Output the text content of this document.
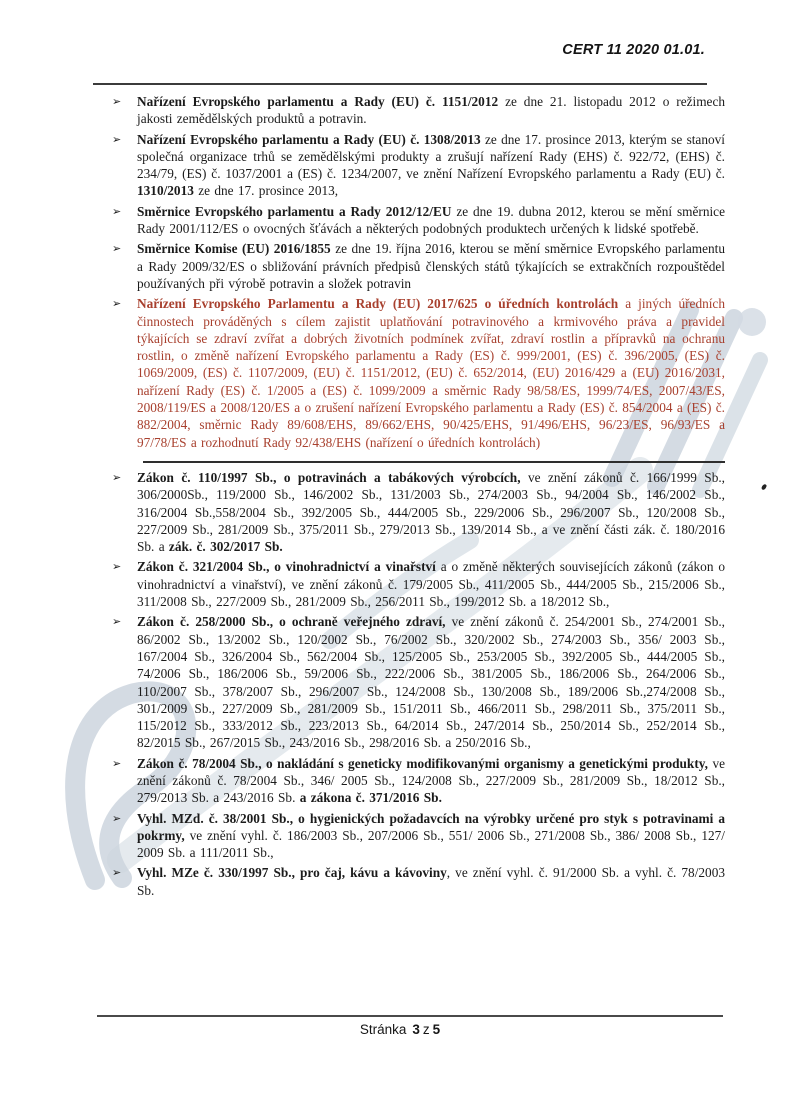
CERT 11 2020 01.01.
➢ Nařízení Evropského parlamentu a Rady (EU) č. 1151/2012 ze dne 21. listopadu 2012 o režimech jakosti zemědělských produktů a potravin.
➢ Nařízení Evropského parlamentu a Rady (EU) č. 1308/2013 ze dne 17. prosince 2013, kterým se stanoví společná organizace trhů se zemědělskými produkty a zrušují nařízení Rady (EHS) č. 922/72, (EHS) č. 234/79, (ES) č. 1037/2001 a (ES) č. 1234/2007, ve znění Nařízení Evropského parlamentu a Rady (EU) č. 1310/2013 ze dne 17. prosince 2013,
➢ Směrnice Evropského parlamentu a Rady 2012/12/EU ze dne 19. dubna 2012, kterou se mění směrnice Rady 2001/112/ES o ovocných šťávách a některých podobných produktech určených k lidské spotřebě.
➢ Směrnice Komise (EU) 2016/1855 ze dne 19. října 2016, kterou se mění směrnice Evropského parlamentu a Rady 2009/32/ES o sbližování právních předpisů členských států týkajících se extrakčních rozpouštědel používaných při výrobě potravin a složek potravin
➢ Nařízení Evropského Parlamentu a Rady (EU) 2017/625 o úředních kontrolách a jiných úředních činnostech prováděných s cílem zajistit uplatňování potravinového a krmivového práva a pravidel týkajících se zdraví zvířat a dobrých životních podmínek zvířat, zdraví rostlin a přípravků na ochranu rostlin, o změně nařízení Evropského parlamentu a Rady (ES) č. 999/2001, (ES) č. 396/2005, (ES) č. 1069/2009, (ES) č. 1107/2009, (EU) č. 1151/2012, (EU) č. 652/2014, (EU) 2016/429 a (EU) 2016/2031, nařízení Rady (ES) č. 1/2005 a (ES) č. 1099/2009 a směrnic Rady 98/58/ES, 1999/74/ES, 2007/43/ES, 2008/119/ES a 2008/120/ES a o zrušení nařízení Evropského parlamentu a Rady (ES) č. 854/2004 a (ES) č. 882/2004, směrnic Rady 89/608/EHS, 89/662/EHS, 90/425/EHS, 91/496/EHS, 96/23/ES, 96/93/ES a 97/78/ES a rozhodnutí Rady 92/438/EHS (nařízení o úředních kontrolách)
➢ Zákon č. 110/1997 Sb., o potravinách a tabákových výrobcích, ve znění zákonů č. 166/1999 Sb., 306/2000Sb., 119/2000 Sb., 146/2002 Sb., 131/2003 Sb., 274/2003 Sb., 94/2004 Sb., 146/2002 Sb., 316/2004 Sb.,558/2004 Sb., 392/2005 Sb., 444/2005 Sb., 229/2006 Sb., 296/2007 Sb., 120/2008 Sb., 227/2009 Sb., 281/2009 Sb., 375/2011 Sb., 279/2013 Sb., 139/2014 Sb., a ve znění části zák. č. 180/2016 Sb. a zák. č. 302/2017 Sb.
➢ Zákon č. 321/2004 Sb., o vinohradnictví a vinařství a o změně některých souvisejících zákonů (zákon o vinohradnictví a vinařství), ve znění zákonů č. 179/2005 Sb., 411/2005 Sb., 444/2005 Sb., 215/2006 Sb., 311/2008 Sb., 227/2009 Sb., 281/2009 Sb., 256/2011 Sb., 199/2012 Sb. a 18/2012 Sb.,
➢ Zákon č. 258/2000 Sb., o ochraně veřejného zdraví, ve znění zákonů č. 254/2001 Sb., 274/2001 Sb., 86/2002 Sb., 13/2002 Sb., 120/2002 Sb., 76/2002 Sb., 320/2002 Sb., 274/2003 Sb., 356/ 2003 Sb., 167/2004 Sb., 326/2004 Sb., 562/2004 Sb., 125/2005 Sb., 253/2005 Sb., 392/2005 Sb., 444/2005 Sb., 74/2006 Sb., 186/2006 Sb., 59/2006 Sb., 222/2006 Sb., 381/2005 Sb., 186/2006 Sb., 264/2006 Sb., 110/2007 Sb., 378/2007 Sb., 296/2007 Sb., 124/2008 Sb., 130/2008 Sb., 189/2006 Sb.,274/2008 Sb., 301/2009 Sb., 227/2009 Sb., 281/2009 Sb., 151/2011 Sb., 466/2011 Sb., 298/2011 Sb., 375/2011 Sb., 115/2012 Sb., 333/2012 Sb., 223/2013 Sb., 64/2014 Sb., 247/2014 Sb., 250/2014 Sb., 252/2014 Sb., 82/2015 Sb., 267/2015 Sb., 243/2016 Sb., 298/2016 Sb. a 250/2016 Sb.,
➢ Zákon č. 78/2004 Sb., o nakládání s geneticky modifikovanými organismy a genetickými produkty, ve znění zákonů č. 78/2004 Sb., 346/ 2005 Sb., 124/2008 Sb., 227/2009 Sb., 281/2009 Sb., 18/2012 Sb., 279/2013 Sb. a 243/2016 Sb. a zákona č. 371/2016 Sb.
➢ Vyhl. MZd. č. 38/2001 Sb., o hygienických požadavcích na výrobky určené pro styk s potravinami a pokrmy, ve znění vyhl. č. 186/2003 Sb., 207/2006 Sb., 551/ 2006 Sb., 271/2008 Sb., 386/ 2008 Sb., 127/ 2009 Sb. a 111/2011 Sb.,
➢ Vyhl. MZe č. 330/1997 Sb., pro čaj, kávu a kávoviny, ve znění vyhl. č. 91/2000 Sb. a vyhl. č. 78/2003 Sb.
Stránka 3 z 5
